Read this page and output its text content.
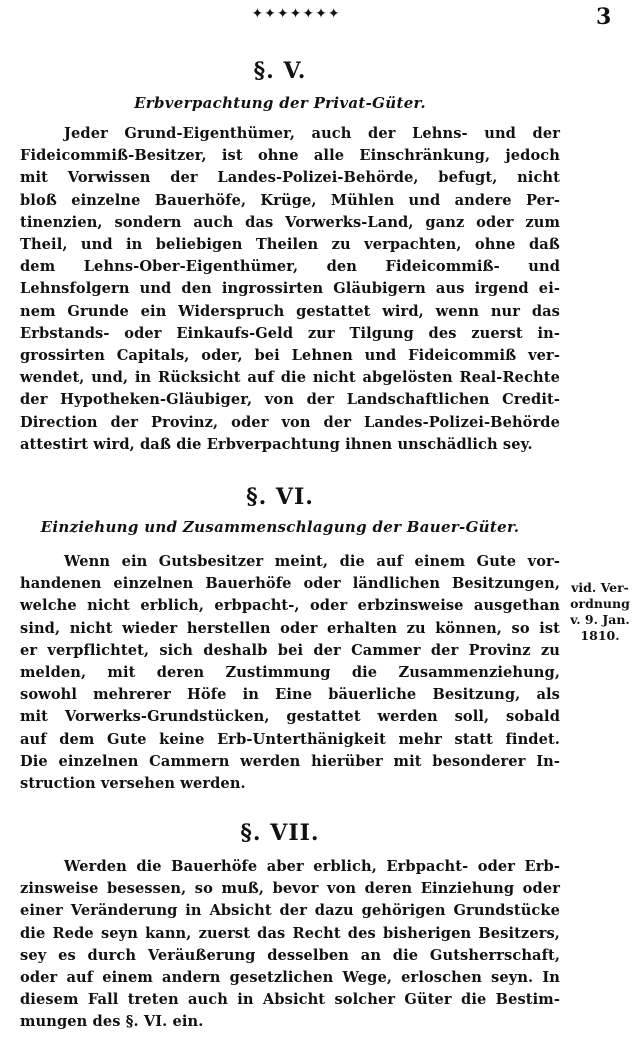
✦✦✦✦✦✦✦	3
§. V.
Erbverpachtung der Privat-Güter.
Jeder Grund-Eigenthümer, auch der Lehns- und der
Fideicommiß-Besitzer, ist ohne alle Einschränkung, jedoch
mit Vorwissen der Landes-Polizei-Behörde, befugt, nicht
bloß einzelne Bauerhöfe, Krüge, Mühlen und andere Per-
tinenzien, sondern auch das Vorwerks-Land, ganz oder zum
Theil, und in beliebigen Theilen zu verpachten, ohne daß
dem Lehns-Ober-Eigenthümer, den Fideicommiß- und
Lehnsfolgern und den ingrossirten Gläubigern aus irgend ei-
nem Grunde ein Widerspruch gestattet wird, wenn nur das
Erbstands- oder Einkaufs-Geld zur Tilgung des zuerst in-
grossirten Capitals, oder, bei Lehnen und Fideicommiß ver-
wendet, und, in Rücksicht auf die nicht abgelösten Real-Rechte
der Hypotheken-Gläubiger, von der Landschaftlichen Credit-
Direction der Provinz, oder von der Landes-Polizei-Behörde
attestirt wird, daß die Erbverpachtung ihnen unschädlich sey.
§. VI.
Einziehung und Zusammenschlagung der Bauer-Güter.
Wenn ein Gutsbesitzer meint, die auf einem Gute vor-
handenen einzelnen Bauerhöfe oder ländlichen Besitzungen,
welche nicht erblich, erbpacht-, oder erbzinsweise ausgethan
sind, nicht wieder herstellen oder erhalten zu können, so ist
er verpflichtet, sich deshalb bei der Cammer der Provinz zu
melden, mit deren Zustimmung die Zusammenziehung,
sowohl mehrerer Höfe in Eine bäuerliche Besitzung, als
mit Vorwerks-Grundstücken, gestattet werden soll, sobald
auf dem Gute keine Erb-Unterthänigkeit mehr statt findet.
Die einzelnen Cammern werden hierüber mit besonderer In-
struction versehen werden.
vid. Ver-
ordnung
v. 9. Jan.
1810.
§. VII.
Werden die Bauerhöfe aber erblich, Erbpacht- oder Erb-
zinsweise besessen, so muß, bevor von deren Einziehung oder
einer Veränderung in Absicht der dazu gehörigen Grundstücke
die Rede seyn kann, zuerst das Recht des bisherigen Besitzers,
sey es durch Veräußerung desselben an die Gutsherrschaft,
oder auf einem andern gesetzlichen Wege, erloschen seyn. In
diesem Fall treten auch in Absicht solcher Güter die Bestim-
mungen des §. VI. ein.
